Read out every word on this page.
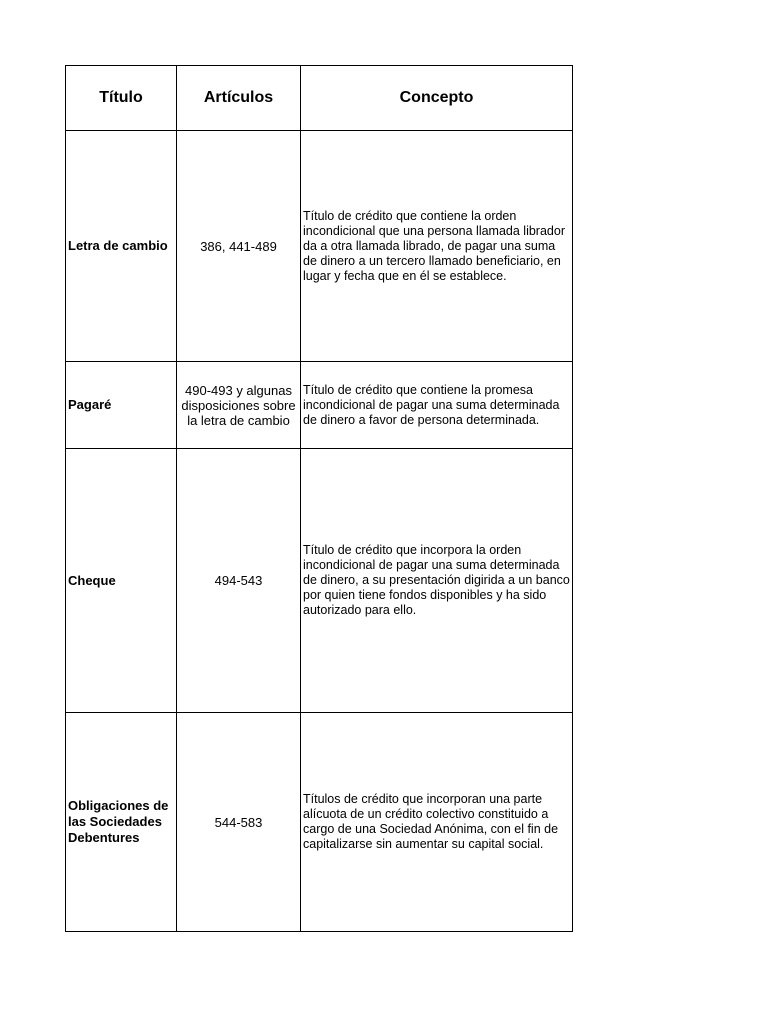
Título	Artículos	Concepto
Letra de cambio	386, 441-489	Título de crédito que contiene la orden incondicional que una persona llamada librador da a otra llamada librado, de pagar una suma de dinero a un tercero llamado beneficiario, en lugar y fecha que en él se establece.
Pagaré	490-493 y algunas disposiciones sobre la letra de cambio	Título de crédito que contiene la promesa incondicional de pagar una suma determinada de dinero a favor de persona determinada.
Cheque	494-543	Título de crédito que incorpora la orden incondicional de pagar una suma determinada de dinero, a su presentación digirida a un banco por quien tiene fondos disponibles y ha sido autorizado para ello.
Obligaciones de las Sociedades Debentures	544-583	Títulos de crédito que incorporan una parte alícuota de un crédito colectivo constituido a cargo de una Sociedad Anónima, con el fin de capitalizarse sin aumentar su capital social.
